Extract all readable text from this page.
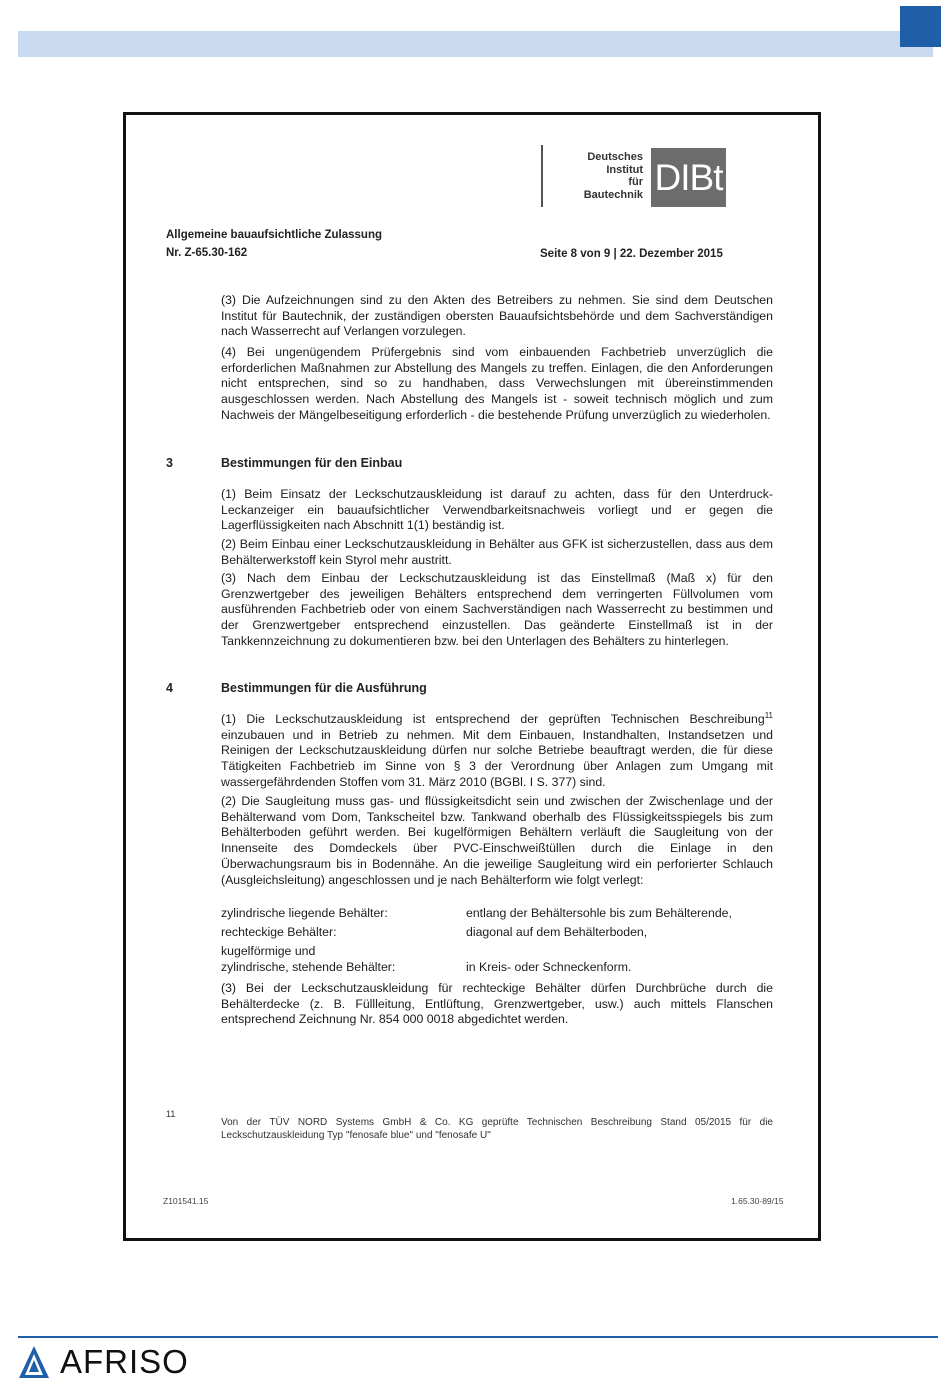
Deutsches
Institut
für
Bautechnik DIBt
Allgemeine bauaufsichtliche Zulassung
Nr. Z-65.30-162	Seite 8 von 9 | 22. Dezember 2015
(3) Die Aufzeichnungen sind zu den Akten des Betreibers zu nehmen. Sie sind dem Deutschen Institut für Bautechnik, der zuständigen obersten Bauaufsichtsbehörde und dem Sachverständigen nach Wasserrecht auf Verlangen vorzulegen.
(4) Bei ungenügendem Prüfergebnis sind vom einbauenden Fachbetrieb unverzüglich die erforderlichen Maßnahmen zur Abstellung des Mangels zu treffen. Einlagen, die den Anforderungen nicht entsprechen, sind so zu handhaben, dass Verwechslungen mit übereinstimmenden ausgeschlossen werden. Nach Abstellung des Mangels ist - soweit technisch möglich und zum Nachweis der Mängelbeseitigung erforderlich - die bestehende Prüfung unverzüglich zu wiederholen.
3	Bestimmungen für den Einbau
(1) Beim Einsatz der Leckschutzauskleidung ist darauf zu achten, dass für den Unterdruck-Leckanzeiger ein bauaufsichtlicher Verwendbarkeitsnachweis vorliegt und er gegen die Lagerflüssigkeiten nach Abschnitt 1(1) beständig ist.
(2) Beim Einbau einer Leckschutzauskleidung in Behälter aus GFK ist sicherzustellen, dass aus dem Behälterwerkstoff kein Styrol mehr austritt.
(3) Nach dem Einbau der Leckschutzauskleidung ist das Einstellmaß (Maß x) für den Grenzwertgeber des jeweiligen Behälters entsprechend dem verringerten Füllvolumen vom ausführenden Fachbetrieb oder von einem Sachverständigen nach Wasserrecht zu bestimmen und der Grenzwertgeber entsprechend einzustellen. Das geänderte Einstellmaß ist in der Tankkennzeichnung zu dokumentieren bzw. bei den Unterlagen des Behälters zu hinterlegen.
4	Bestimmungen für die Ausführung
(1) Die Leckschutzauskleidung ist entsprechend der geprüften Technischen Beschreibung$^{11}$ einzubauen und in Betrieb zu nehmen. Mit dem Einbauen, Instandhalten, Instandsetzen und Reinigen der Leckschutzauskleidung dürfen nur solche Betriebe beauftragt werden, die für diese Tätigkeiten Fachbetrieb im Sinne von § 3 der Verordnung über Anlagen zum Umgang mit wassergefährdenden Stoffen vom 31. März 2010 (BGBl. I S. 377) sind.
(2) Die Saugleitung muss gas- und flüssigkeitsdicht sein und zwischen der Zwischenlage und der Behälterwand vom Dom, Tankscheitel bzw. Tankwand oberhalb des Flüssigkeitsspiegels bis zum Behälterboden geführt werden. Bei kugelförmigen Behältern verläuft die Saugleitung von der Innenseite des Domdeckels über PVC-Einschweißtüllen durch die Einlage in den Überwachungsraum bis in Bodennähe. An die jeweilige Saugleitung wird ein perforierter Schlauch (Ausgleichsleitung) angeschlossen und je nach Behälterform wie folgt verlegt:
zylindrische liegende Behälter:	entlang der Behältersohle bis zum Behälterende,
rechteckige Behälter:	diagonal auf dem Behälterboden,
kugelförmige und
zylindrische, stehende Behälter:	in Kreis- oder Schneckenform.
(3) Bei der Leckschutzauskleidung für rechteckige Behälter dürfen Durchbrüche durch die Behälterdecke (z. B. Füllleitung, Entlüftung, Grenzwertgeber, usw.) auch mittels Flanschen entsprechend Zeichnung Nr. 854 000 0018 abgedichtet werden.
11
Von der TÜV NORD Systems GmbH & Co. KG geprüfte Technischen Beschreibung Stand 05/2015 für die Leckschutzauskleidung Typ "fenosafe blue" und "fenosafe U"
Z101541.15	1.65.30-89/15
AFRISO
